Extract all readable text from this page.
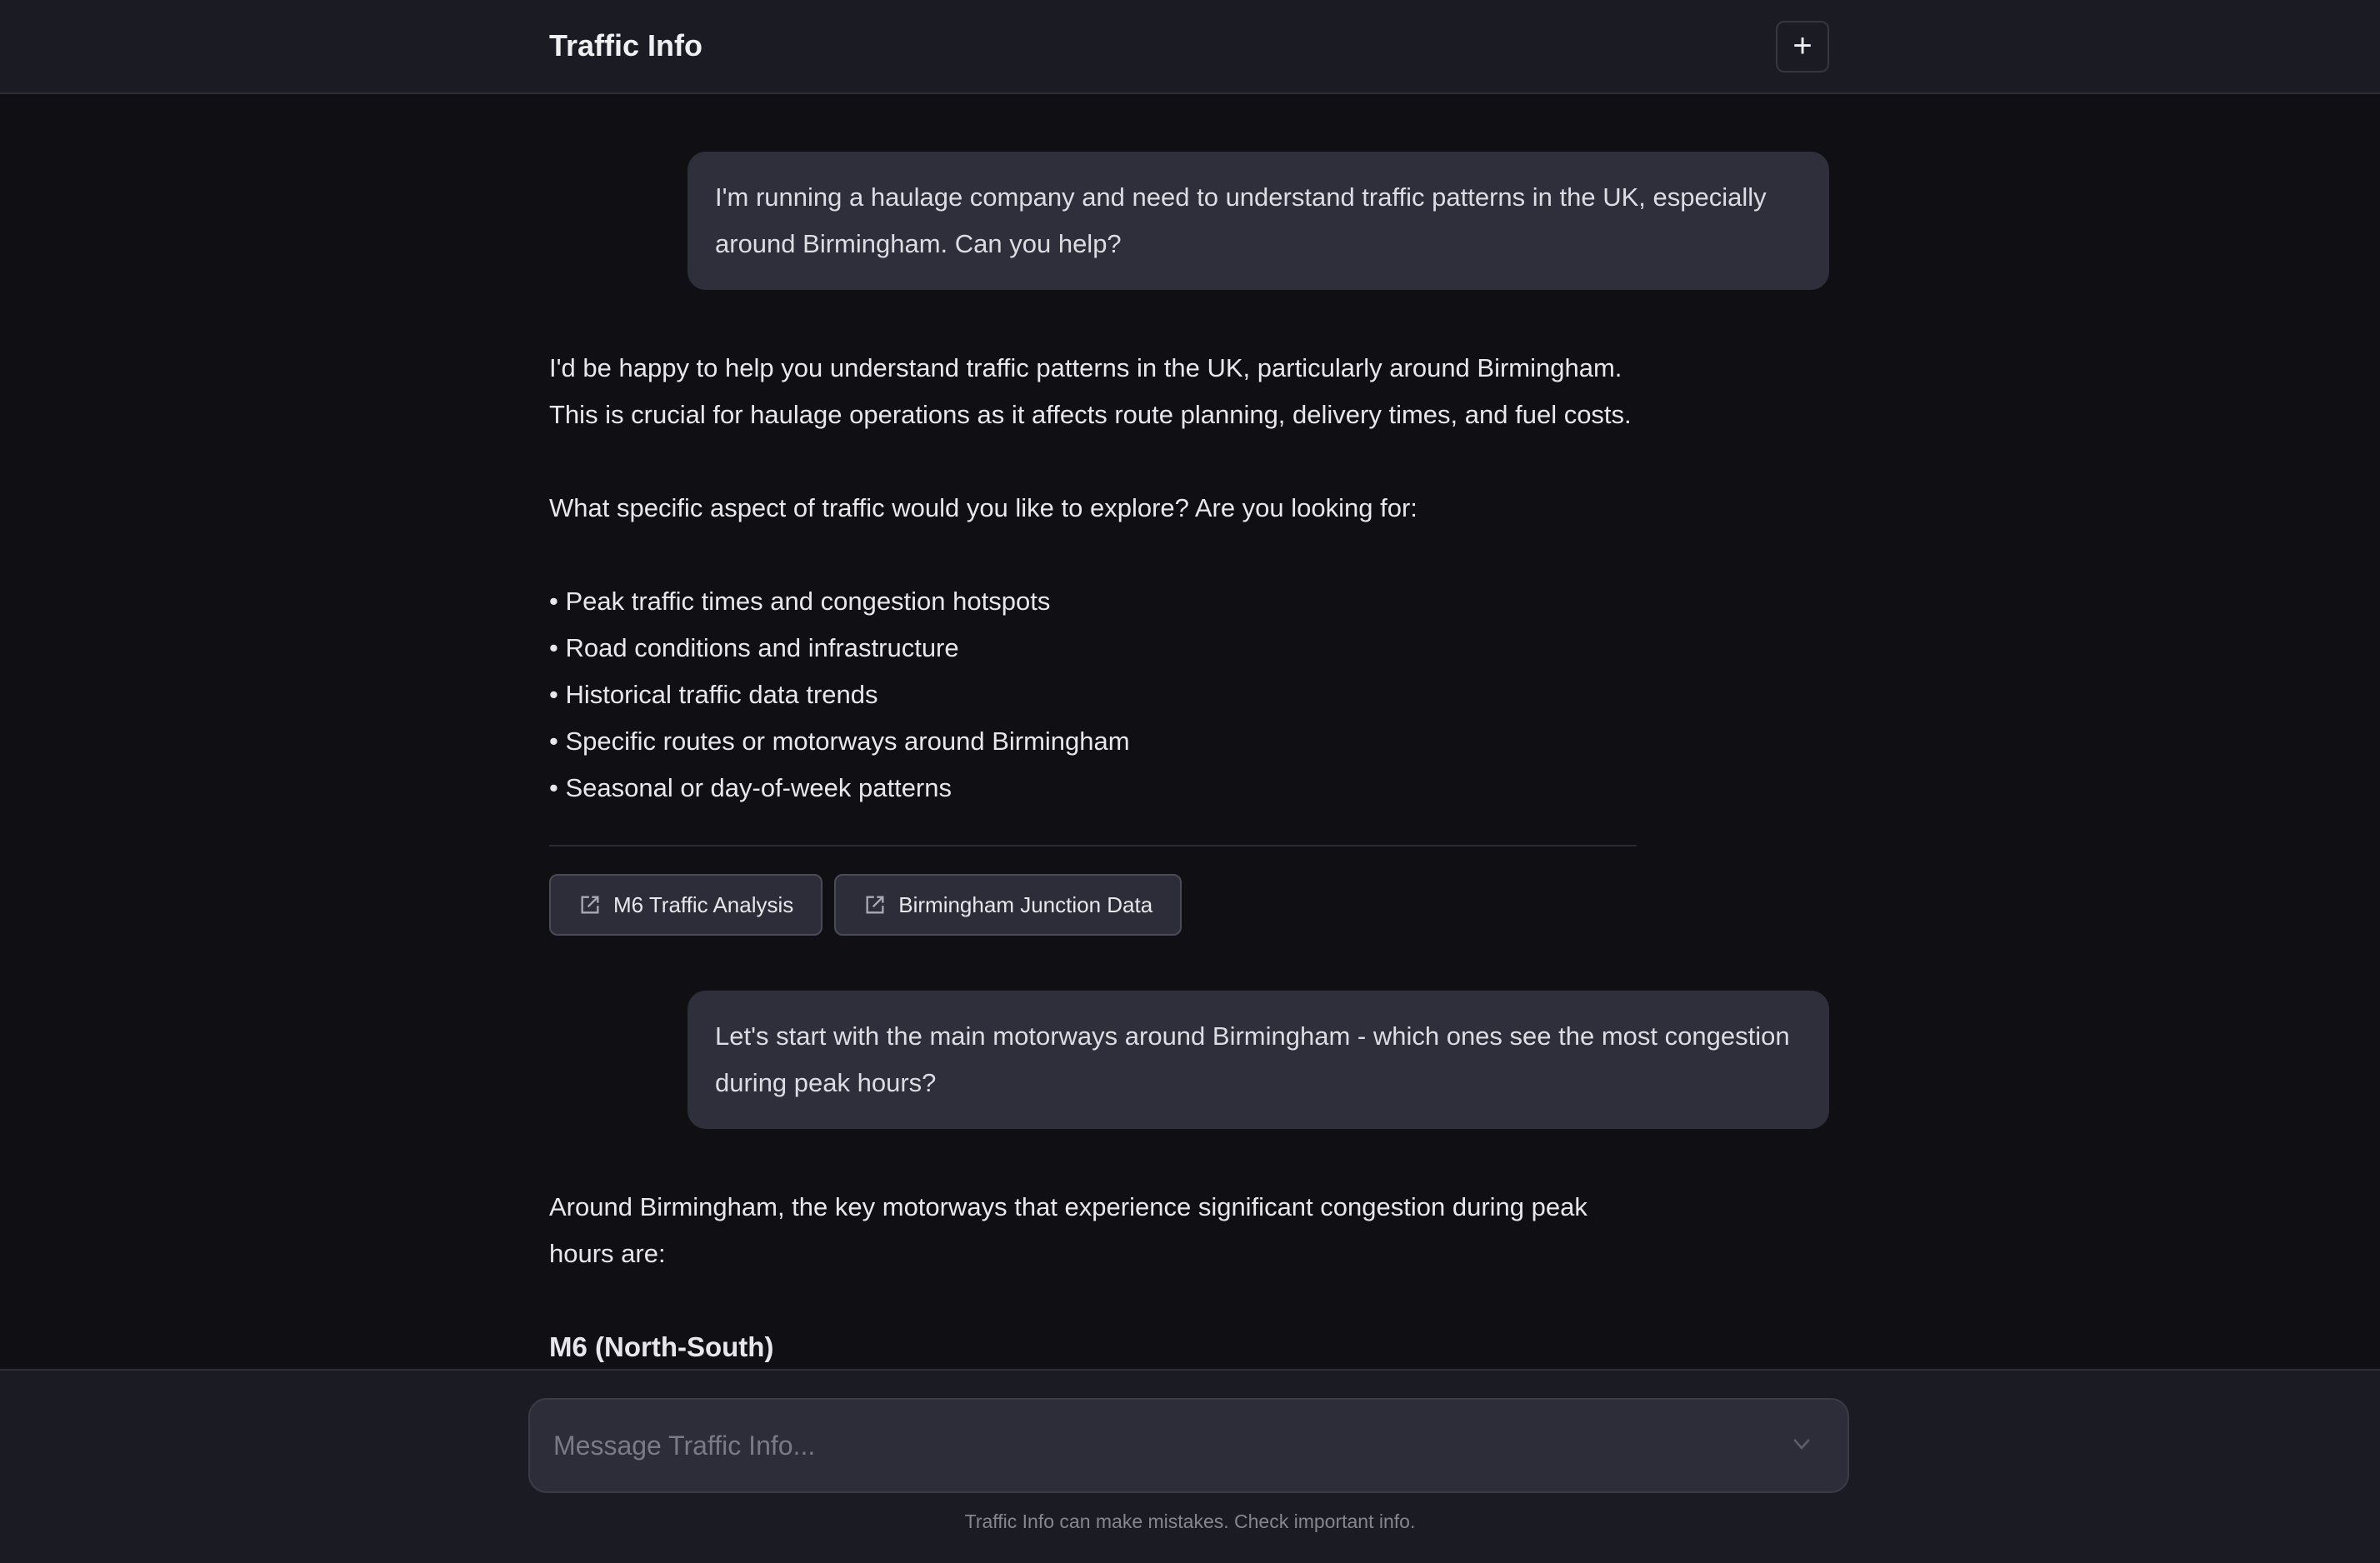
Traffic Info	+
I'm running a haulage company and need to understand traffic patterns in the UK, especially around Birmingham. Can you help?

I'd be happy to help you understand traffic patterns in the UK, particularly around Birmingham. This is crucial for haulage operations as it affects route planning, delivery times, and fuel costs.

What specific aspect of traffic would you like to explore? Are you looking for:

• Peak traffic times and congestion hotspots
• Road conditions and infrastructure
• Historical traffic data trends
• Specific routes or motorways around Birmingham
• Seasonal or day-of-week patterns
M6 Traffic Analysis	Birmingham Junction Data
Let's start with the main motorways around Birmingham - which ones see the most congestion during peak hours?

Around Birmingham, the key motorways that experience significant congestion during peak hours are:

M6 (North-South)
Message Traffic Info...
Traffic Info can make mistakes. Check important info.
